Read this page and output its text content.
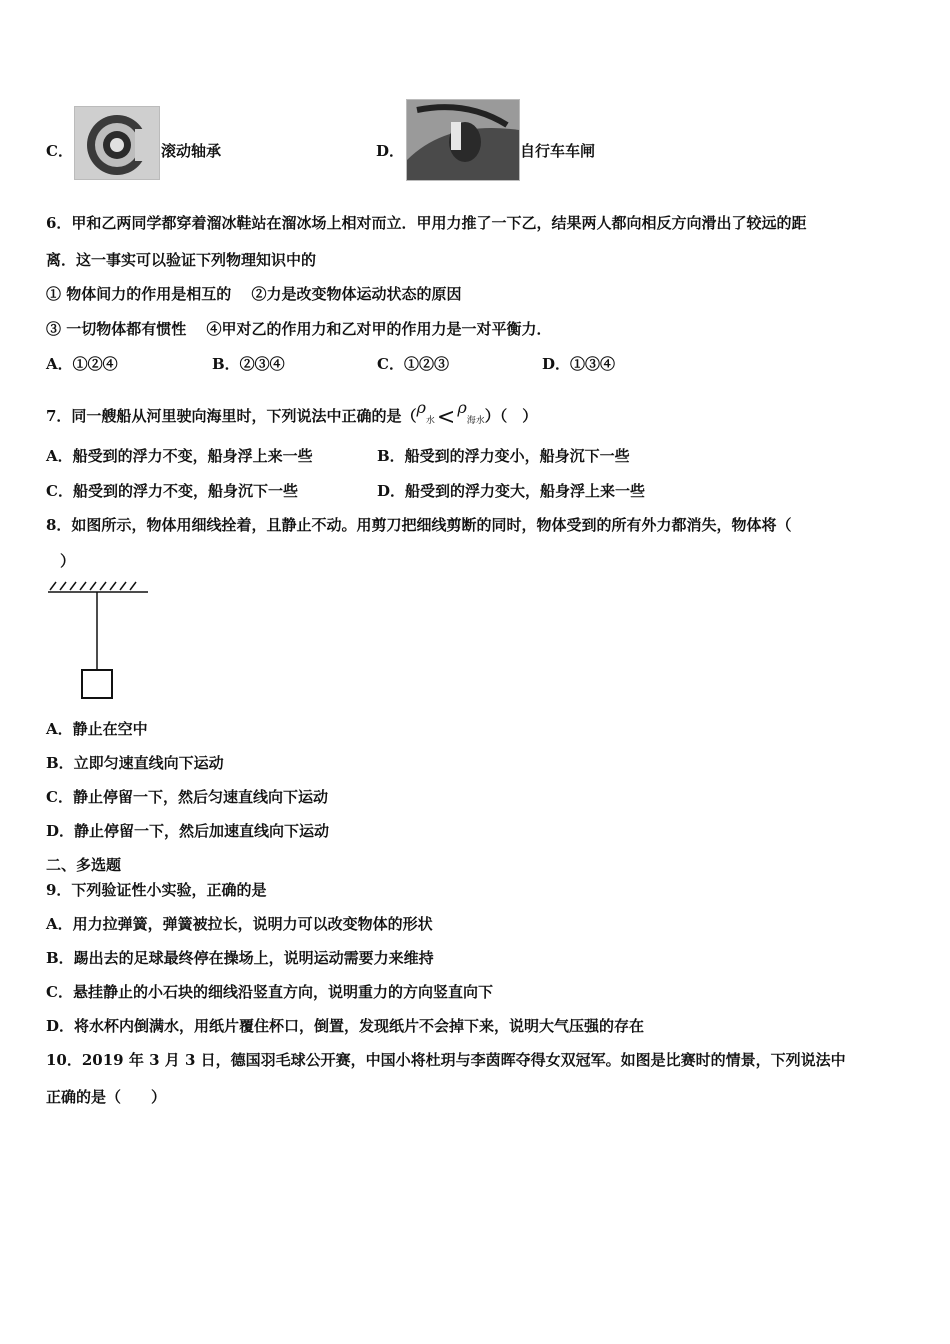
C．	滚动轴承	D．	自行车车闸
6．甲和乙两同学都穿着溜冰鞋站在溜冰场上相对而立．甲用力推了一下乙，结果两人都向相反方向滑出了较远的距
离．这一事实可以验证下列物理知识中的
① 物体间力的作用是相互的　 ②力是改变物体运动状态的原因
③ 一切物体都有惯性　 ④甲对乙的作用力和乙对甲的作用力是一对平衡力．
A．①②④	B．②③④	C．①②③	D．①③④
7．同一艘船从河里驶向海里时，下列说法中正确的是$(\rho_水< \rho_{海水})$（　）
A．船受到的浮力不变，船身浮上来一些	B．船受到的浮力变小，船身沉下一些
C．船受到的浮力不变，船身沉下一些	D．船受到的浮力变大，船身浮上来一些
8．如图所示，物体用细线拴着，且静止不动。用剪刀把细线剪断的同时，物体受到的所有外力都消失，物体将（
）
A．静止在空中
B．立即匀速直线向下运动
C．静止停留一下，然后匀速直线向下运动
D．静止停留一下，然后加速直线向下运动
二、多选题
9．下列验证性小实验，正确的是
A．用力拉弹簧，弹簧被拉长，说明力可以改变物体的形状
B．踢出去的足球最终停在操场上，说明运动需要力来维持
C．悬挂静止的小石块的细线沿竖直方向，说明重力的方向竖直向下
D．将水杯内倒满水，用纸片覆住杯口，倒置，发现纸片不会掉下来，说明大气压强的存在
10．2019 年 3 月 3 日，德国羽毛球公开赛，中国小将杜玥与李茵晖夺得女双冠军。如图是比赛时的情景，下列说法中
正确的是（　　）
